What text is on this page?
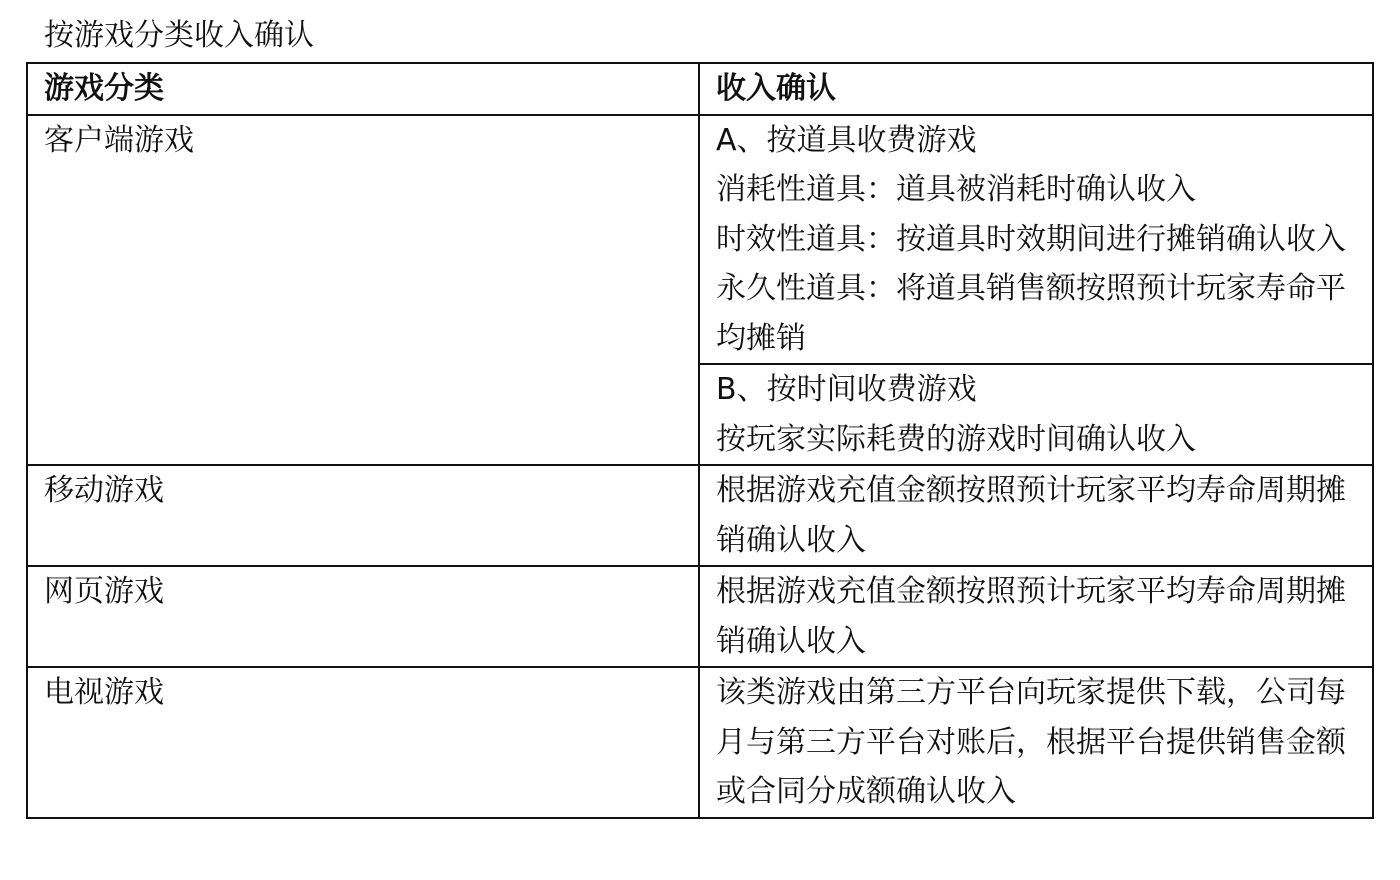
按游戏分类收入确认
游戏分类	收入确认

客户端游戏	A、按道具收费游戏
消耗性道具：道具被消耗时确认收入
时效性道具：按道具时效期间进行摊销确认收入
永久性道具：将道具销售额按照预计玩家寿命平均摊销

	B、按时间收费游戏
按玩家实际耗费的游戏时间确认收入

移动游戏	根据游戏充值金额按照预计玩家平均寿命周期摊销确认收入

网页游戏	根据游戏充值金额按照预计玩家平均寿命周期摊销确认收入

电视游戏	该类游戏由第三方平台向玩家提供下载，公司每月与第三方平台对账后，根据平台提供销售金额或合同分成额确认收入
